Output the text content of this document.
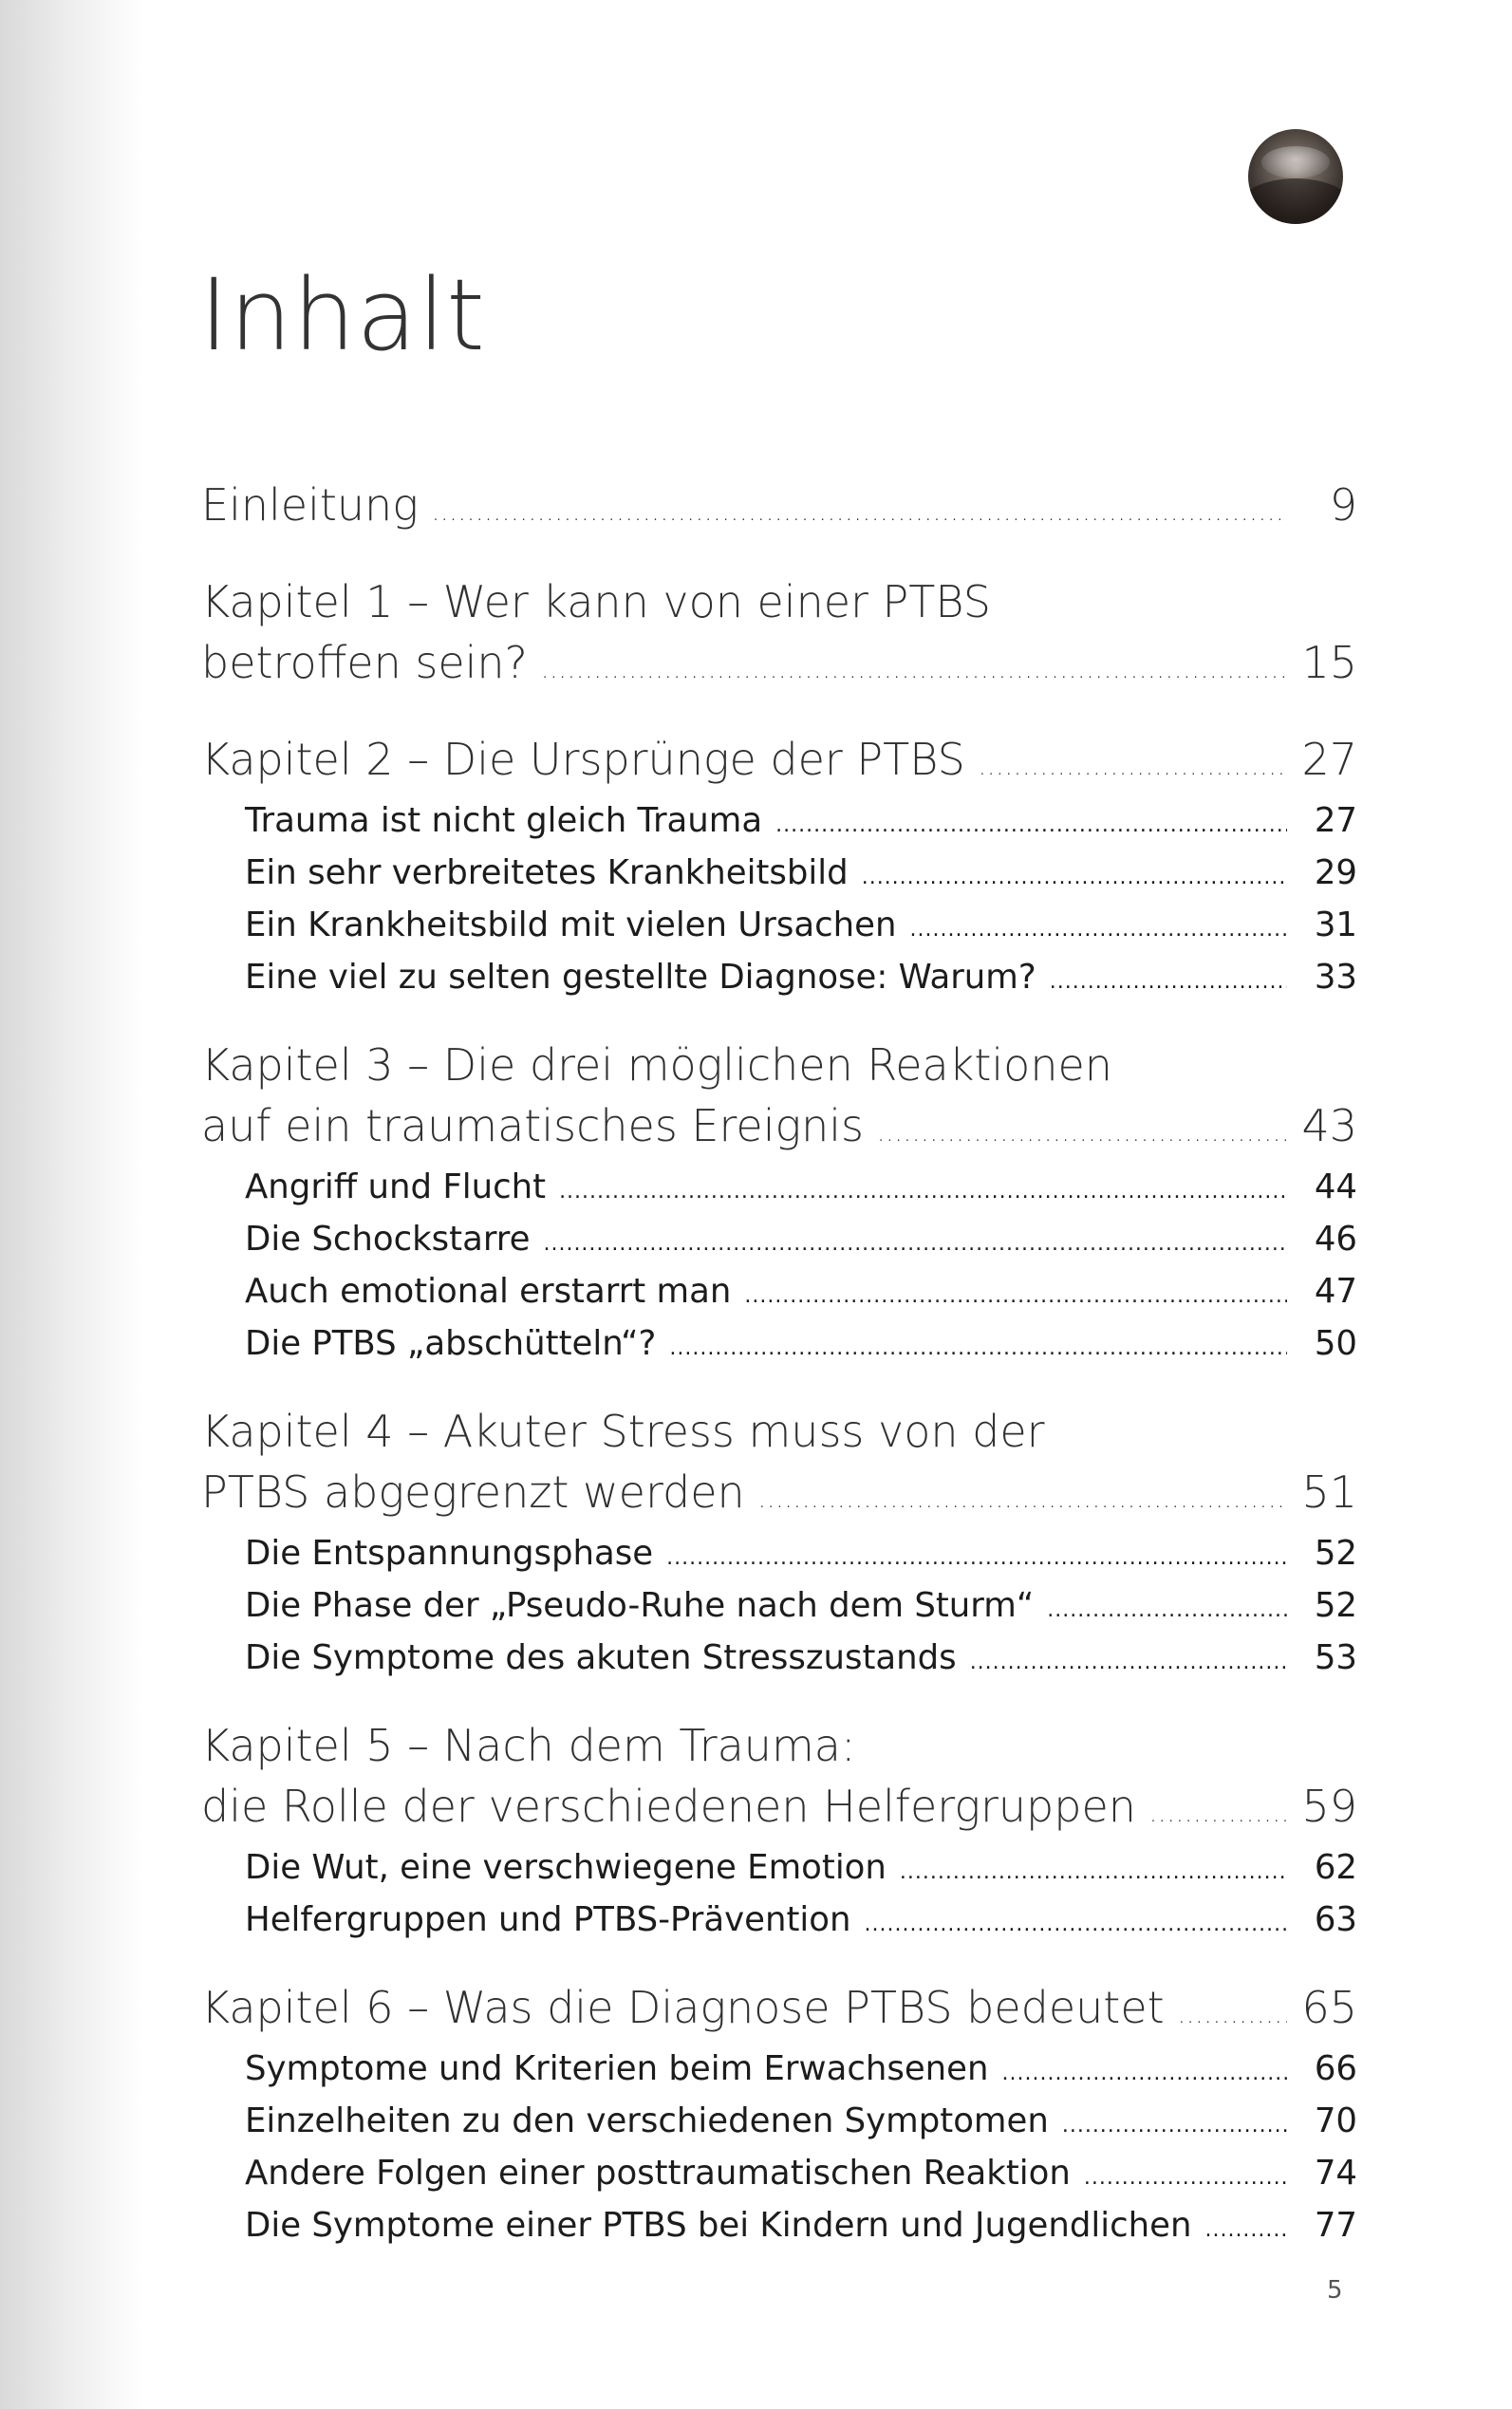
Inhalt
Einleitung .....	9
Kapitel 1 – Wer kann von einer PTBS
betroffen sein? .....	15
Kapitel 2 – Die Ursprünge der PTBS .....	27
Trauma ist nicht gleich Trauma .....	27
Ein sehr verbreitetes Krankheitsbild .....	29
Ein Krankheitsbild mit vielen Ursachen .....	31
Eine viel zu selten gestellte Diagnose: Warum? .....	33
Kapitel 3 – Die drei möglichen Reaktionen
auf ein traumatisches Ereignis .....	43
Angriff und Flucht .....	44
Die Schockstarre .....	46
Auch emotional erstarrt man .....	47
Die PTBS „abschütteln“? .....	50
Kapitel 4 – Akuter Stress muss von der
PTBS abgegrenzt werden .....	51
Die Entspannungsphase .....	52
Die Phase der „Pseudo-Ruhe nach dem Sturm“ .....	52
Die Symptome des akuten Stresszustands .....	53
Kapitel 5 – Nach dem Trauma:
die Rolle der verschiedenen Helfergruppen .....	59
Die Wut, eine verschwiegene Emotion .....	62
Helfergruppen und PTBS-Prävention .....	63
Kapitel 6 – Was die Diagnose PTBS bedeutet .....	65
Symptome und Kriterien beim Erwachsenen .....	66
Einzelheiten zu den verschiedenen Symptomen .....	70
Andere Folgen einer posttraumatischen Reaktion .....	74
Die Symptome einer PTBS bei Kindern und Jugendlichen .....	77
5
